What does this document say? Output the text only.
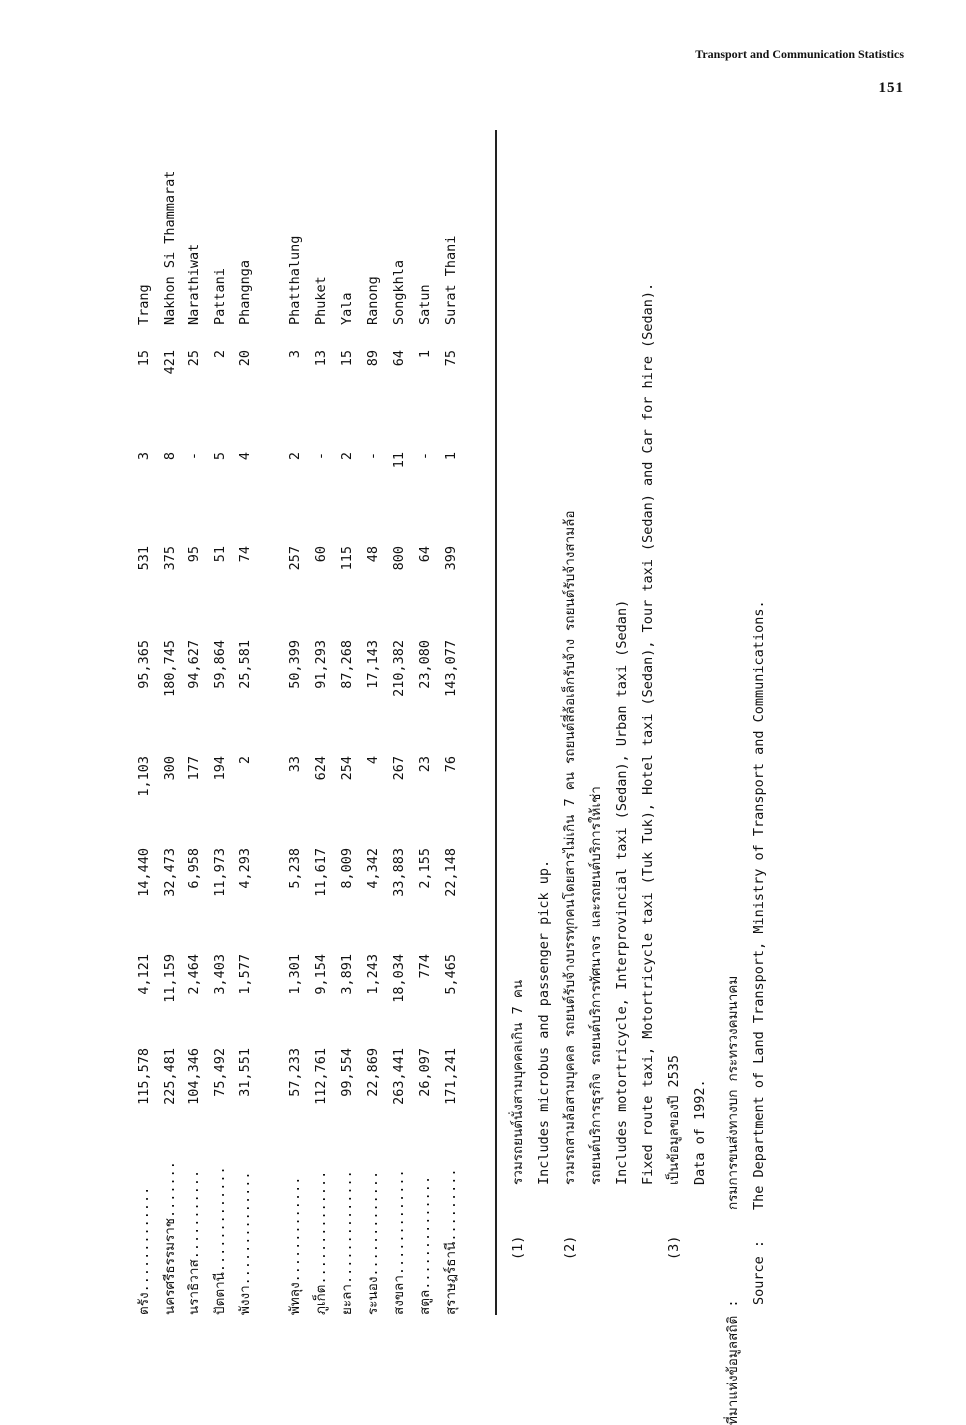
Transport and Communication Statistics
151
ตรัง.............
115,578
4,121
14,440
1,103
95,365
531
3
15
Trang
นครศรีธรรมราช.......
225,481
11,159
32,473
300
180,745
375
8
421
Nakhon Si Thammarat
นราธิวาส...........
104,346
2,464
6,958
177
94,627
95
-
25
Narathiwat
ปัตตานี.............
75,492
3,403
11,973
194
59,864
51
5
2
Pattani
พังงา..............
31,551
1,577
4,293
2
25,581
74
4
20
Phangnga
พัทลุง.............
57,233
1,301
5,238
33
50,399
257
2
3
Phatthalung
ภูเก็ต..............
112,761
9,154
11,617
624
91,293
60
-
13
Phuket
ยะลา..............
99,554
3,891
8,009
254
87,268
115
2
15
Yala
ระนอง.............
22,869
1,243
4,342
4
17,143
48
-
89
Ranong
สงขลา.............
263,441
18,034
33,883
267
210,382
800
11
64
Songkhla
สตูล..............
26,097
774
2,155
23
23,080
64
-
1
Satun
สุราษฎร์ธานี.........
171,241
5,465
22,148
76
143,077
399
1
75
Surat Thani
(1)
รวมรถยนต์นั่งสามบุคคลเกิน 7 คน Includes microbus and passenger pick up.
(2)
รวมรถสามล้อสามบุคคล รถยนต์รับจ้างบรรทุกคนโดยสารไม่เกิน 7 คน รถยนต์สี่ล้อเล็กรับจ้าง รถยนต์รับจ้างสามล้อ รถยนต์บริการธุรกิจ รถยนต์บริการทัศนาจร และรถยนต์บริการให้เช่า Includes motortricycle, Interprovincial taxi (Sedan), Urban taxi (Sedan) Fixed route taxi, Motortricycle taxi (Tuk Tuk), Hotel taxi (Sedan), Tour taxi (Sedan) and Car for hire (Sedan).
(3)
เป็นข้อมูลของปี 2535 Data of 1992.
ที่มาแห่งข้อมูลสถิติ :
กรมการขนส่งทางบก กระทรวงคมนาคม
Source :
The Department of Land Transport, Ministry of Transport and Communications.
